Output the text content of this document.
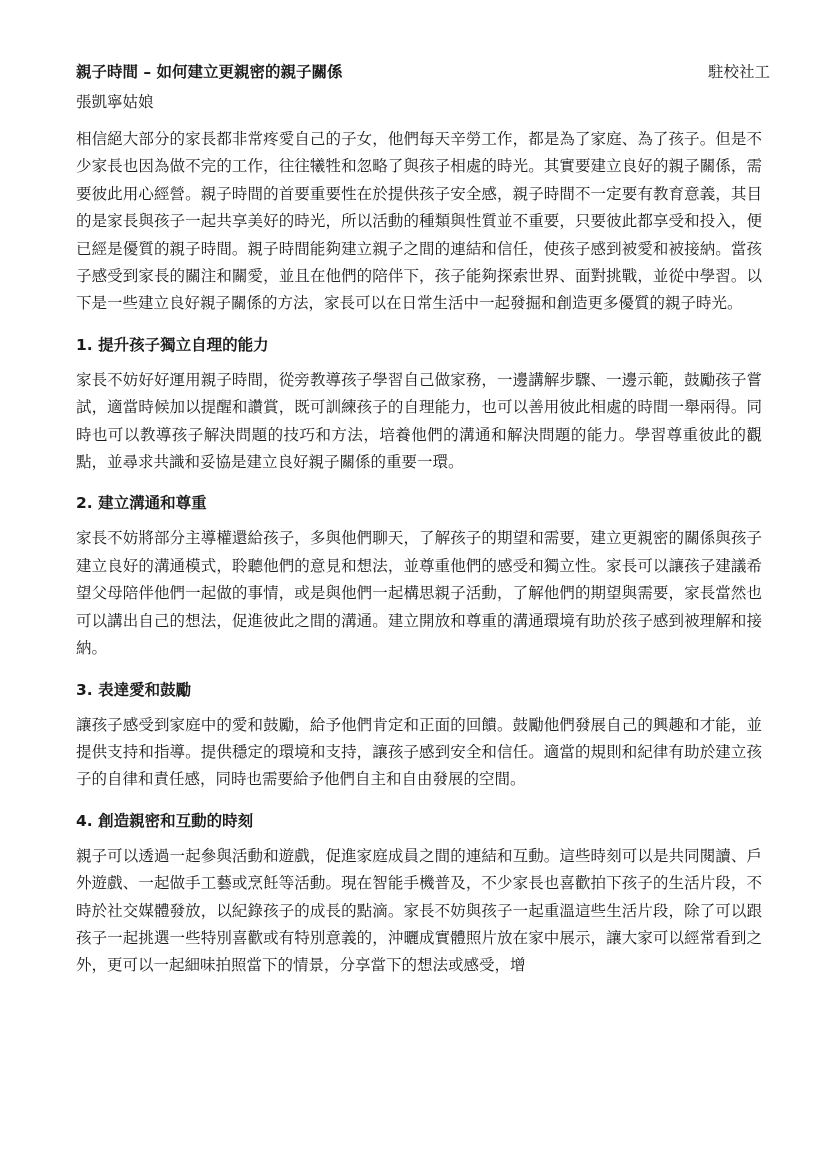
親子時間 – 如何建立更親密的親子關係	駐校社工
張凱寧姑娘

相信絕大部分的家長都非常疼愛自己的子女，他們每天辛勞工作，都是為了家庭、為了孩子。但是不少家長也因為做不完的工作，往往犧牲和忽略了與孩子相處的時光。其實要建立良好的親子關係，需要彼此用心經營。親子時間的首要重要性在於提供孩子安全感，親子時間不一定要有教育意義，其目的是家長與孩子一起共享美好的時光，所以活動的種類與性質並不重要，只要彼此都享受和投入，便已經是優質的親子時間。親子時間能夠建立親子之間的連結和信任，使孩子感到被愛和被接納。當孩子感受到家長的關注和關愛，並且在他們的陪伴下，孩子能夠探索世界、面對挑戰，並從中學習。以下是一些建立良好親子關係的方法，家長可以在日常生活中一起發掘和創造更多優質的親子時光。

1. 提升孩子獨立自理的能力

家長不妨好好運用親子時間，從旁教導孩子學習自己做家務，一邊講解步驟、一邊示範，鼓勵孩子嘗試，適當時候加以提醒和讚賞，既可訓練孩子的自理能力，也可以善用彼此相處的時間一舉兩得。同時也可以教導孩子解決問題的技巧和方法，培養他們的溝通和解決問題的能力。學習尊重彼此的觀點，並尋求共識和妥協是建立良好親子關係的重要一環。

2. 建立溝通和尊重

家長不妨將部分主導權還給孩子，多與他們聊天，了解孩子的期望和需要，建立更親密的關係與孩子建立良好的溝通模式，聆聽他們的意見和想法，並尊重他們的感受和獨立性。家長可以讓孩子建議希望父母陪伴他們一起做的事情，或是與他們一起構思親子活動，了解他們的期望與需要，家長當然也可以講出自己的想法，促進彼此之間的溝通。建立開放和尊重的溝通環境有助於孩子感到被理解和接納。

3. 表達愛和鼓勵

讓孩子感受到家庭中的愛和鼓勵，給予他們肯定和正面的回饋。鼓勵他們發展自己的興趣和才能，並提供支持和指導。提供穩定的環境和支持，讓孩子感到安全和信任。適當的規則和紀律有助於建立孩子的自律和責任感，同時也需要給予他們自主和自由發展的空間。

4. 創造親密和互動的時刻

親子可以透過一起參與活動和遊戲，促進家庭成員之間的連結和互動。這些時刻可以是共同閱讀、戶外遊戲、一起做手工藝或烹飪等活動。現在智能手機普及，不少家長也喜歡拍下孩子的生活片段，不時於社交媒體發放，以紀錄孩子的成長的點滴。家長不妨與孩子一起重溫這些生活片段，除了可以跟孩子一起挑選一些特別喜歡或有特別意義的，沖曬成實體照片放在家中展示，讓大家可以經常看到之外，更可以一起細味拍照當下的情景，分享當下的想法或感受，增
